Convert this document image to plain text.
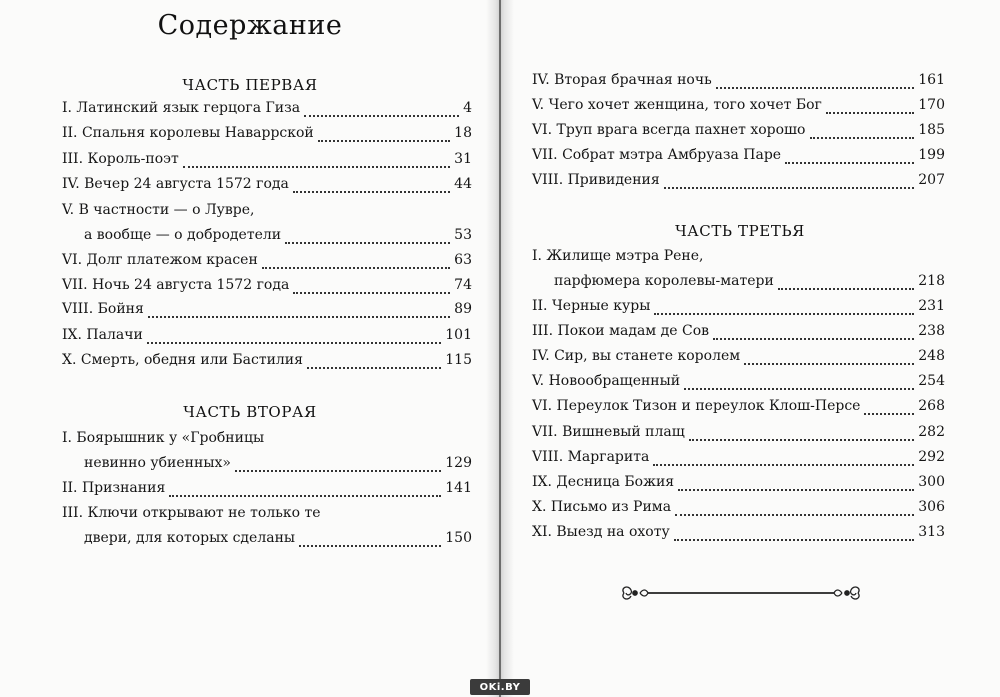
Содержание
ЧАСТЬ ПЕРВАЯ
I. Латинский язык герцога Гиза	4
II. Спальня королевы Наваррской	18
III. Король-поэт	31
IV. Вечер 24 августа 1572 года	44
V. В частности — о Лувре,
а вообще — о добродетели	53
VI. Долг платежом красен	63
VII. Ночь 24 августа 1572 года	74
VIII. Бойня	89
IX. Палачи	101
X. Смерть, обедня или Бастилия	115
ЧАСТЬ ВТОРАЯ
I. Боярышник у «Гробницы
невинно убиенных»	129
II. Признания	141
III. Ключи открывают не только те
двери, для которых сделаны	150
IV. Вторая брачная ночь	161
V. Чего хочет женщина, того хочет Бог	170
VI. Труп врага всегда пахнет хорошо	185
VII. Собрат мэтра Амбруаза Паре	199
VIII. Привидения	207
ЧАСТЬ ТРЕТЬЯ
I. Жилище мэтра Рене,
парфюмера королевы-матери	218
II. Черные куры	231
III. Покои мадам де Сов	238
IV. Сир, вы станете королем	248
V. Новообращенный	254
VI. Переулок Тизон и переулок Клош-Персе	268
VII. Вишневый плащ	282
VIII. Маргарита	292
IX. Десница Божия	300
X. Письмо из Рима	306
XI. Выезд на охоту	313
OKi.BY
